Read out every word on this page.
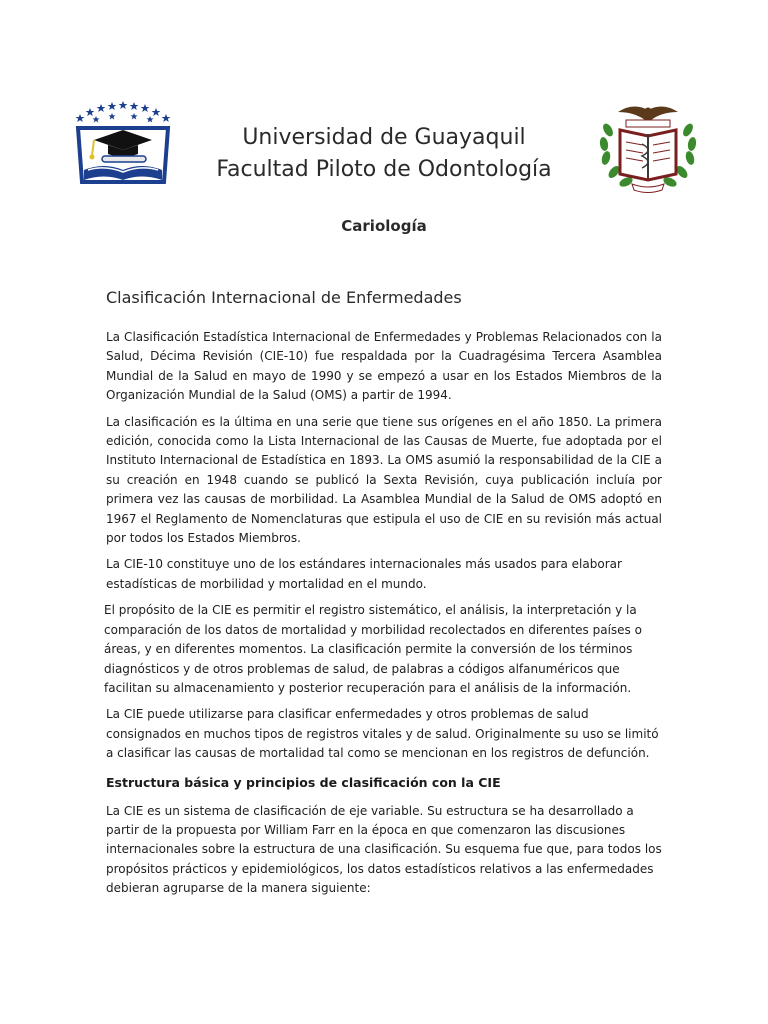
Universidad de Guayaquil
Facultad Piloto de Odontología
Cariología
Clasificación Internacional de Enfermedades

La Clasificación Estadística Internacional de Enfermedades y Problemas Relacionados con la Salud, Décima Revisión (CIE-10) fue respaldada por la Cuadragésima Tercera Asamblea Mundial de la Salud en mayo de 1990 y se empezó a usar en los Estados Miembros de la Organización Mundial de la Salud (OMS) a partir de 1994.

La clasificación es la última en una serie que tiene sus orígenes en el año 1850. La primera edición, conocida como la Lista Internacional de las Causas de Muerte, fue adoptada por el Instituto Internacional de Estadística en 1893. La OMS asumió la responsabilidad de la CIE a su creación en 1948 cuando se publicó la Sexta Revisión, cuya publicación incluía por primera vez las causas de morbilidad. La Asamblea Mundial de la Salud de OMS adoptó en 1967 el Reglamento de Nomenclaturas que estipula el uso de CIE en su revisión más actual por todos los Estados Miembros.

La CIE-10 constituye uno de los estándares internacionales más usados para elaborar estadísticas de morbilidad y mortalidad en el mundo.

El propósito de la CIE es permitir el registro sistemático, el análisis, la interpretación y la comparación de los datos de mortalidad y morbilidad recolectados en diferentes países o áreas, y en diferentes momentos. La clasificación permite la conversión de los términos diagnósticos y de otros problemas de salud, de palabras a códigos alfanuméricos que facilitan su almacenamiento y posterior recuperación para el análisis de la información.

La CIE puede utilizarse para clasificar enfermedades y otros problemas de salud consignados en muchos tipos de registros vitales y de salud. Originalmente su uso se limitó a clasificar las causas de mortalidad tal como se mencionan en los registros de defunción.

Estructura básica y principios de clasificación con la CIE

La CIE es un sistema de clasificación de eje variable. Su estructura se ha desarrollado a partir de la propuesta por William Farr en la época en que comenzaron las discusiones internacionales sobre la estructura de una clasificación. Su esquema fue que, para todos los propósitos prácticos y epidemiológicos, los datos estadísticos relativos a las enfermedades debieran agruparse de la manera siguiente:
